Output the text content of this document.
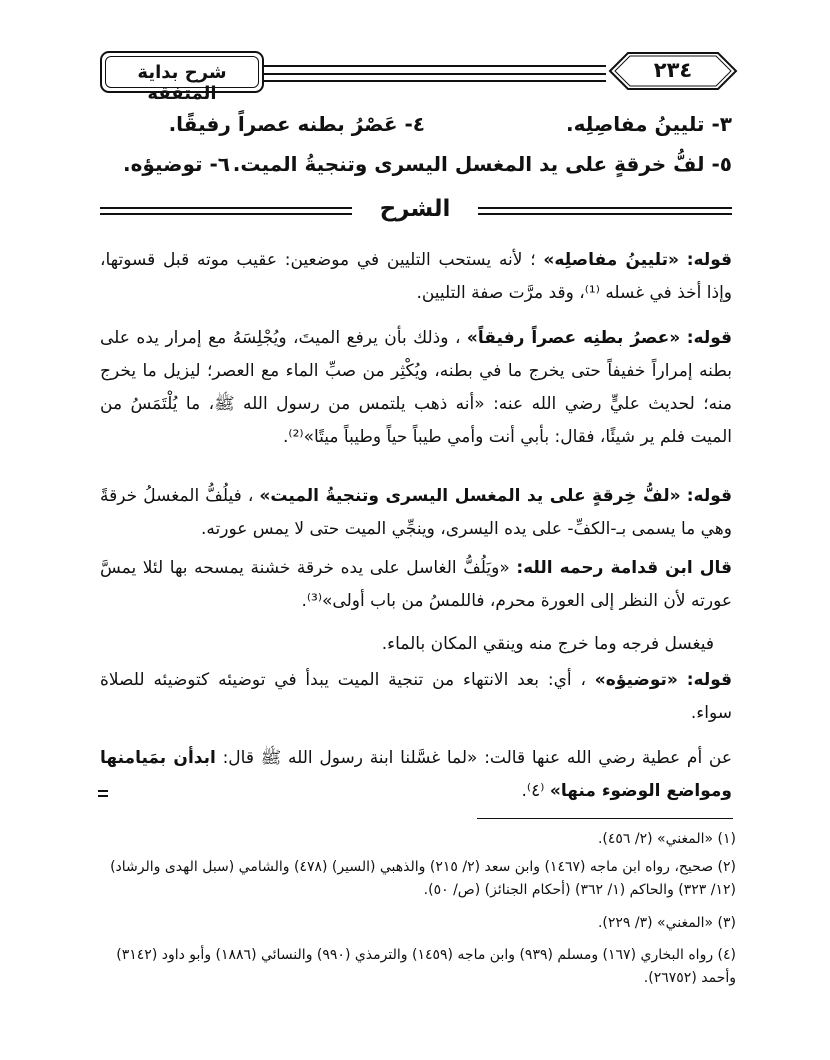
شرح بداية المتفقه
٢٣٤
٣- تليينُ مفاصِلِه.
٤- عَصْرُ بطنه عصراً رفيقًا.
٥- لفُّ خرقةٍ على يد المغسل اليسرى وتنجيةُ الميت.
٦- توضيؤه.
الشرح
قوله: «تليينُ مفاصلِه» ؛ لأنه يستحب التليين في موضعين: عقيب موته قبل قسوتها، وإذا أخذ في غسله ⁽¹⁾، وقد مرَّت صفة التليين.
قوله: «عصرُ بطنِه عصراً رفيقاً» ، وذلك بأن يرفع الميتَ، ويُجْلِسَهُ مع إمرار يده على بطنه إمراراً خفيفاً حتى يخرج ما في بطنه، ويُكْثِر من صبِّ الماء مع العصر؛ ليزيل ما يخرج منه؛ لحديث عليٍّ رضي الله عنه: «أنه ذهب يلتمس من رسول الله ﷺ، ما يُلْتَمَسُ من الميت فلم ير شيئًا، فقال: بأبي أنت وأمي طيباً حياً وطيباً ميتًا»⁽²⁾.
قوله: «لفُّ خِرقةٍ على يد المغسل اليسرى وتنجيةُ الميت» ، فيلُفُّ المغسلُ خرقةً وهي ما يسمى بـ-الكفِّ- على يده اليسرى، وينجِّي الميت حتى لا يمس عورته.
قال ابن قدامة رحمه الله: «ويَلُفُّ الغاسل على يده خرقة خشنة يمسحه بها لئلا يمسَّ عورته لأن النظر إلى العورة محرم، فاللمسُ من باب أولى»⁽³⁾.
فيغسل فرجه وما خرج منه وينقي المكان بالماء.
قوله: «توضيؤه» ، أي: بعد الانتهاء من تنجية الميت يبدأ في توضيئه كتوضيئه للصلاة سواء.
عن أم عطية رضي الله عنها قالت: «لما غسَّلنا ابنة رسول الله ﷺ قال: ابدأن بمَيامنها ومواضع الوضوء منها» ⁽٤⁾.
(١) «المغني» (٢/ ٤٥٦).
(٢) صحيح، رواه ابن ماجه (١٤٦٧) وابن سعد (٢/ ٢١٥) والذهبي (السير) (٤٧٨) والشامي (سبل الهدى والرشاد) (١٢/ ٣٢٣) والحاكم (١/ ٣٦٢) (أحكام الجنائز) (ص/ ٥٠).
(٣) «المغني» (٣/ ٢٢٩).
(٤) رواه البخاري (١٦٧) ومسلم (٩٣٩) وابن ماجه (١٤٥٩) والترمذي (٩٩٠) والنسائي (١٨٨٦) وأبو داود (٣١٤٢) وأحمد (٢٦٧٥٢).
